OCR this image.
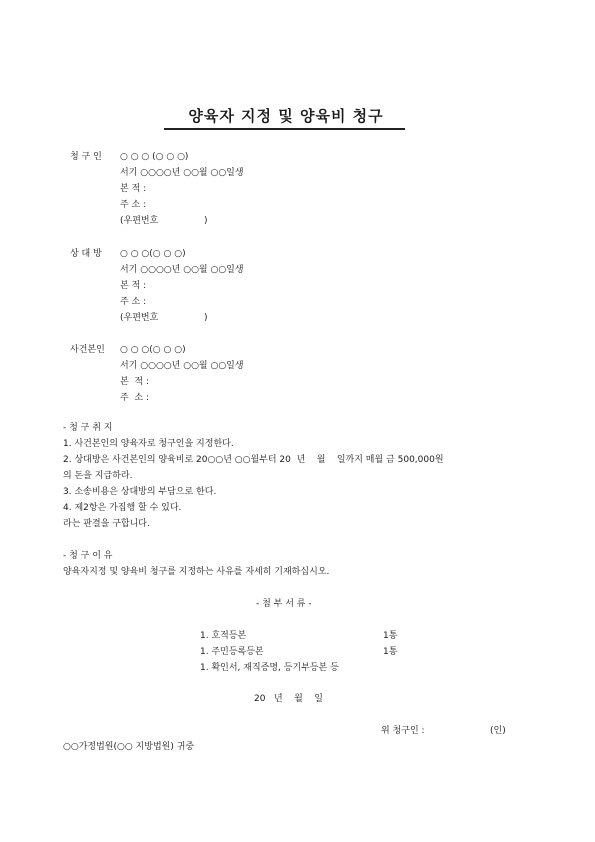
양육자 지정 및 양육비 청구
청 구 인 ○ ○ ○ (○ ○ ○)
서기 ○○○○년 ○○월 ○○일생
본 적 :
주 소 :
(우편번호                )
상 대 방 ○ ○ ○(○ ○ ○)
서기 ○○○○년 ○○월 ○○일생
본 적 :
주 소 :
(우편번호                )
사건본인 ○ ○ ○(○ ○ ○)
서기 ○○○○년 ○○월 ○○일생
본  적 :
주  소 :
- 청 구 취 지
1. 사건본인의 양육자로 청구인을 지정한다.
2. 상대방은 사건본인의 양육비로 20○○년 ○○월부터 20  년    월    일까지 매월 금 500,000원
의 돈을 지급하라.
3. 소송비용은 상대방의 부담으로 한다.
4. 제2항은 가집행 할 수 있다.
라는 판결을 구합니다.
- 청 구 이 유
양육자지정 및 양육비 청구를 지정하는 사유를 자세히 기재하십시오.
- 첨 부 서 류 -
1. 호적등본	1통
1. 주민등록등본	1통
1. 확인서, 재직증명, 등기부등본 등
20   년    월    일
위 청구인 :	(인)
○○가정법원(○○ 지방법원) 귀중
